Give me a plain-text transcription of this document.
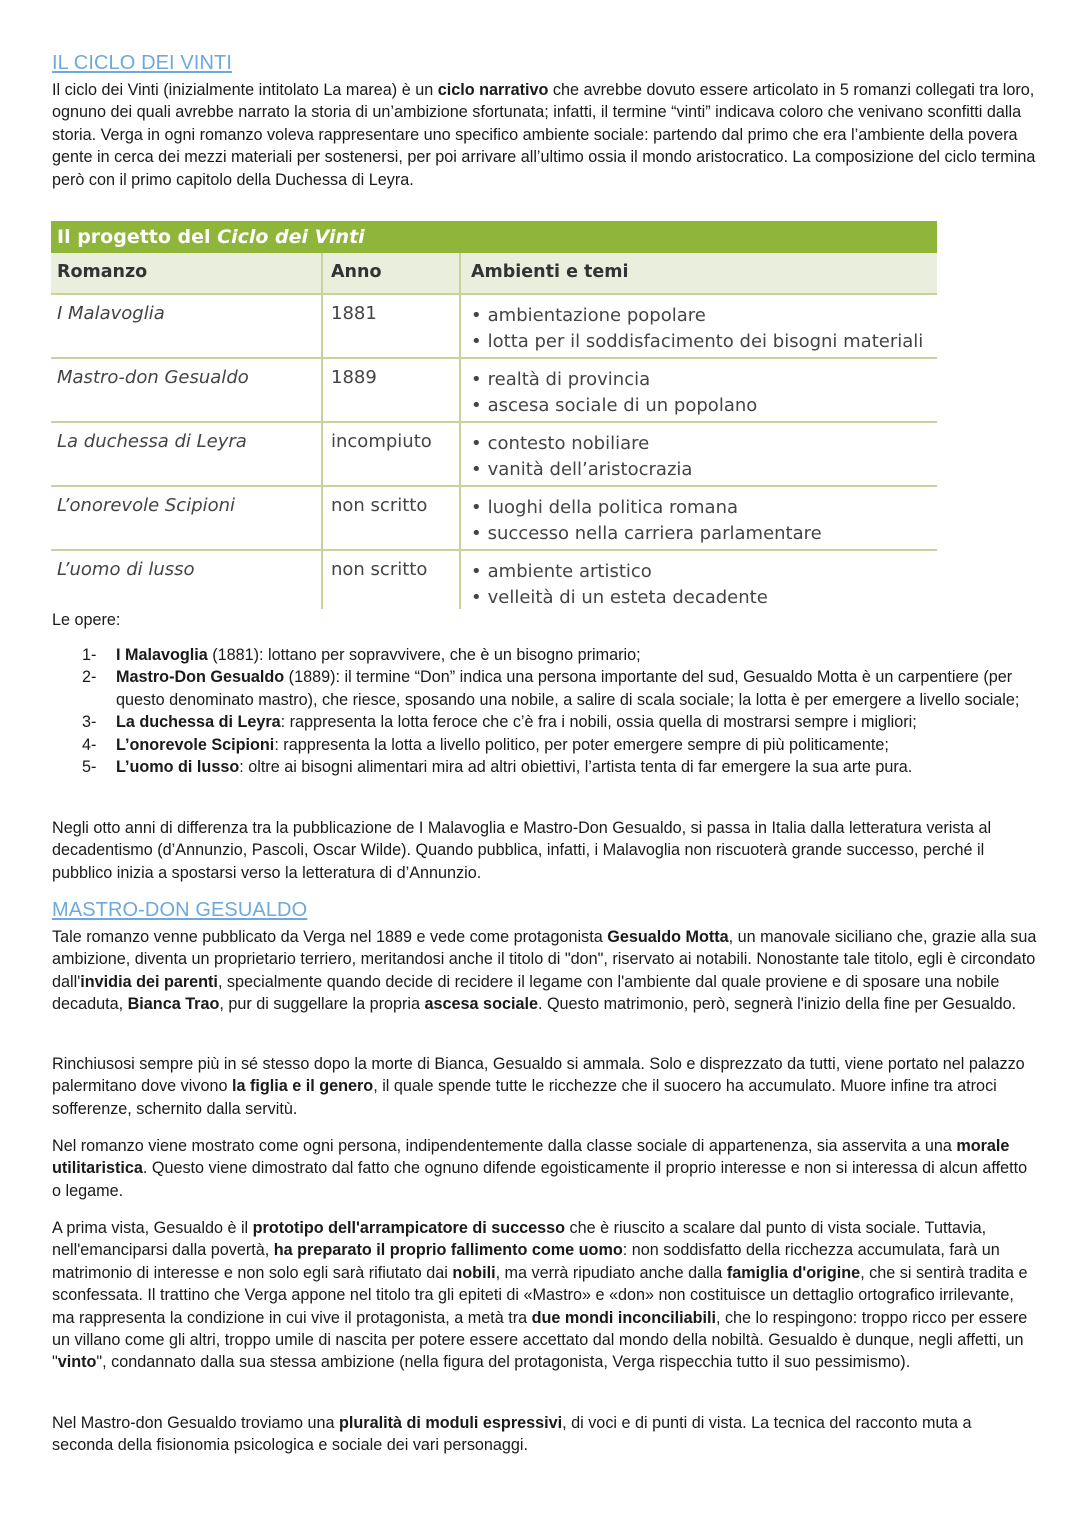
IL CICLO DEI VINTI
Il ciclo dei Vinti (inizialmente intitolato La marea) è un ciclo narrativo che avrebbe dovuto essere articolato in 5 romanzi collegati tra loro, ognuno dei quali avrebbe narrato la storia di un’ambizione sfortunata; infatti, il termine “vinti” indicava coloro che venivano sconfitti dalla storia. Verga in ogni romanzo voleva rappresentare uno specifico ambiente sociale: partendo dal primo che era l’ambiente della povera gente in cerca dei mezzi materiali per sostenersi, per poi arrivare all’ultimo ossia il mondo aristocratico. La composizione del ciclo termina però con il primo capitolo della Duchessa di Leyra.
Il progetto del Ciclo dei Vinti
Romanzo	Anno	Ambienti e temi
I Malavoglia	1881	• ambientazione popolare
• lotta per il soddisfacimento dei bisogni materiali
Mastro-don Gesualdo	1889	• realtà di provincia
• ascesa sociale di un popolano
La duchessa di Leyra	incompiuto	• contesto nobiliare
• vanità dell’aristocrazia
L’onorevole Scipioni	non scritto	• luoghi della politica romana
• successo nella carriera parlamentare
L’uomo di lusso	non scritto	• ambiente artistico
• velleità di un esteta decadente
Le opere:
1-	I Malavoglia (1881): lottano per sopravvivere, che è un bisogno primario;
2-	Mastro-Don Gesualdo (1889): il termine “Don” indica una persona importante del sud, Gesualdo Motta è un carpentiere (per questo denominato mastro), che riesce, sposando una nobile, a salire di scala sociale; la lotta è per emergere a livello sociale;
3-	La duchessa di Leyra: rappresenta la lotta feroce che c’è fra i nobili, ossia quella di mostrarsi sempre i migliori;
4-	L’onorevole Scipioni: rappresenta la lotta a livello politico, per poter emergere sempre di più politicamente;
5-	L’uomo di lusso: oltre ai bisogni alimentari mira ad altri obiettivi, l’artista tenta di far emergere la sua arte pura.
Negli otto anni di differenza tra la pubblicazione de I Malavoglia e Mastro-Don Gesualdo, si passa in Italia dalla letteratura verista al decadentismo (d’Annunzio, Pascoli, Oscar Wilde). Quando pubblica, infatti, i Malavoglia non riscuoterà grande successo, perché il pubblico inizia a spostarsi verso la letteratura di d’Annunzio.
MASTRO-DON GESUALDO
Tale romanzo venne pubblicato da Verga nel 1889 e vede come protagonista Gesualdo Motta, un manovale siciliano che, grazie alla sua ambizione, diventa un proprietario terriero, meritandosi anche il titolo di "don", riservato ai notabili. Nonostante tale titolo, egli è circondato dall'invidia dei parenti, specialmente quando decide di recidere il legame con l'ambiente dal quale proviene e di sposare una nobile decaduta, Bianca Trao, pur di suggellare la propria ascesa sociale. Questo matrimonio, però, segnerà l'inizio della fine per Gesualdo.
Rinchiusosi sempre più in sé stesso dopo la morte di Bianca, Gesualdo si ammala. Solo e disprezzato da tutti, viene portato nel palazzo palermitano dove vivono la figlia e il genero, il quale spende tutte le ricchezze che il suocero ha accumulato. Muore infine tra atroci sofferenze, schernito dalla servitù.
Nel romanzo viene mostrato come ogni persona, indipendentemente dalla classe sociale di appartenenza, sia asservita a una morale utilitaristica. Questo viene dimostrato dal fatto che ognuno difende egoisticamente il proprio interesse e non si interessa di alcun affetto o legame.
A prima vista, Gesualdo è il prototipo dell'arrampicatore di successo che è riuscito a scalare dal punto di vista sociale. Tuttavia, nell'emanciparsi dalla povertà, ha preparato il proprio fallimento come uomo: non soddisfatto della ricchezza accumulata, farà un matrimonio di interesse e non solo egli sarà rifiutato dai nobili, ma verrà ripudiato anche dalla famiglia d'origine, che si sentirà tradita e sconfessata. Il trattino che Verga appone nel titolo tra gli epiteti di «Mastro» e «don» non costituisce un dettaglio ortografico irrilevante, ma rappresenta la condizione in cui vive il protagonista, a metà tra due mondi inconciliabili, che lo respingono: troppo ricco per essere un villano come gli altri, troppo umile di nascita per potere essere accettato dal mondo della nobiltà. Gesualdo è dunque, negli affetti, un "vinto", condannato dalla sua stessa ambizione (nella figura del protagonista, Verga rispecchia tutto il suo pessimismo).
Nel Mastro-don Gesualdo troviamo una pluralità di moduli espressivi, di voci e di punti di vista. La tecnica del racconto muta a seconda della fisionomia psicologica e sociale dei vari personaggi.
